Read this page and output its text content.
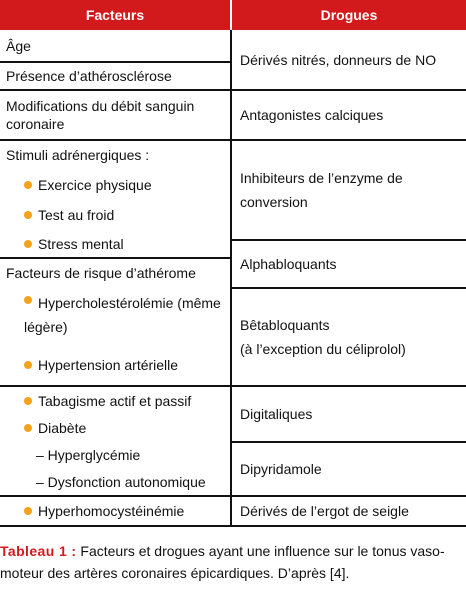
Facteurs	Drogues
Âge
Présence d’athérosclérose
Modifications du débit sanguin coronaire
Stimuli adrénergiques :
Exercice physique
Test au froid
Stress mental
Facteurs de risque d’athérome
Hypercholestérolémie (même légère)
Hypertension artérielle
Tabagisme actif et passif
Diabète
– Hyperglycémie
– Dysfonction autonomique
Hyperhomocystéinémie
Dérivés nitrés, donneurs de NO
Antagonistes calciques
Inhibiteurs de l’enzyme de conversion
Alphabloquants
Bêtabloquants
(à l’exception du céliprolol)
Digitaliques
Dipyridamole
Dérivés de l’ergot de seigle
Tableau 1 : Facteurs et drogues ayant une influence sur le tonus vaso-moteur des artères coronaires épicardiques. D’après [4].
